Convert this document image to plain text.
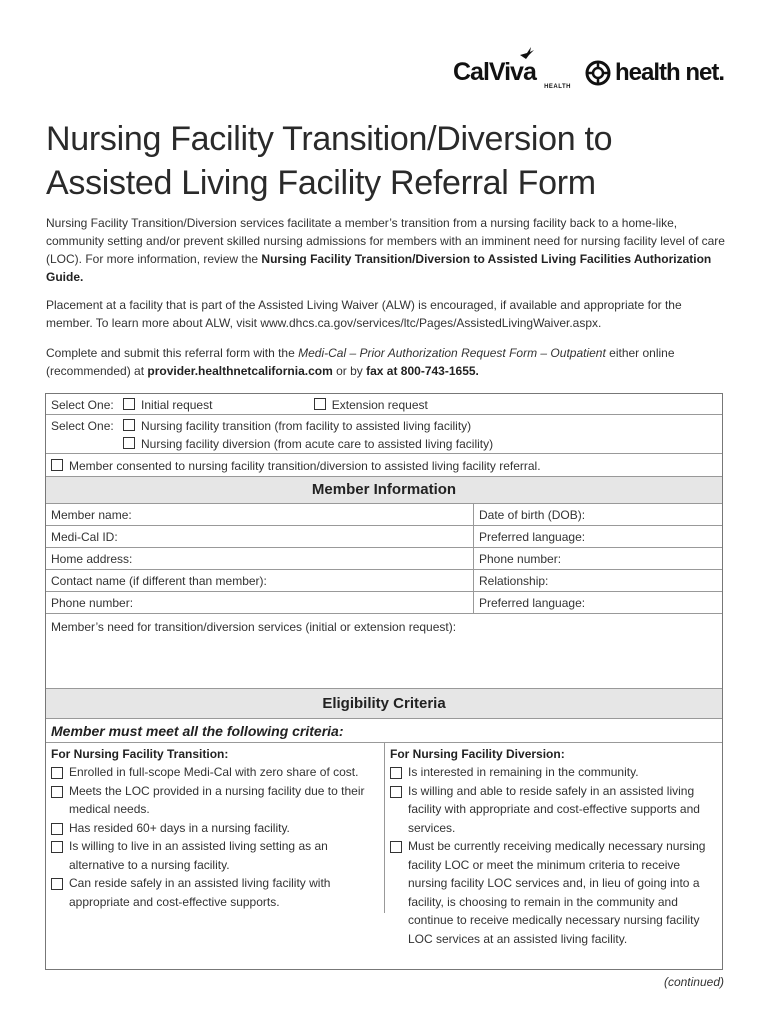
CalViva
HEALTH
health net.
Nursing Facility Transition/Diversion to
Assisted Living Facility Referral Form

Nursing Facility Transition/Diversion services facilitate a member’s transition from a nursing facility back to a home-like, community setting and/or prevent skilled nursing admissions for members with an imminent need for nursing facility level of care (LOC). For more information, review the Nursing Facility Transition/Diversion to Assisted Living Facilities Authorization Guide.

Placement at a facility that is part of the Assisted Living Waiver (ALW) is encouraged, if available and appropriate for the member. To learn more about ALW, visit www.dhcs.ca.gov/services/ltc/Pages/AssistedLivingWaiver.aspx.

Complete and submit this referral form with the Medi-Cal – Prior Authorization Request Form – Outpatient either online (recommended) at provider.healthnetcalifornia.com or by fax at 800-743-1655.

Select One: Initial request	Extension request
Select One: Nursing facility transition (from facility to assisted living facility)
Nursing facility diversion (from acute care to assisted living facility)
Member consented to nursing facility transition/diversion to assisted living facility referral.
Member Information
Member name:	Date of birth (DOB):
Medi-Cal ID:	Preferred language:
Home address:	Phone number:
Contact name (if different than member):	Relationship:
Phone number:	Preferred language:
Member’s need for transition/diversion services (initial or extension request):
Eligibility Criteria
Member must meet all the following criteria:
For Nursing Facility Transition:
Enrolled in full-scope Medi-Cal with zero share of cost.
Meets the LOC provided in a nursing facility due to their medical needs.
Has resided 60+ days in a nursing facility.
Is willing to live in an assisted living setting as an alternative to a nursing facility.
Can reside safely in an assisted living facility with appropriate and cost-effective supports.
For Nursing Facility Diversion:
Is interested in remaining in the community.
Is willing and able to reside safely in an assisted living facility with appropriate and cost-effective supports and services.
Must be currently receiving medically necessary nursing facility LOC or meet the minimum criteria to receive nursing facility LOC services and, in lieu of going into a facility, is choosing to remain in the community and continue to receive medically necessary nursing facility LOC services at an assisted living facility.
(continued)
